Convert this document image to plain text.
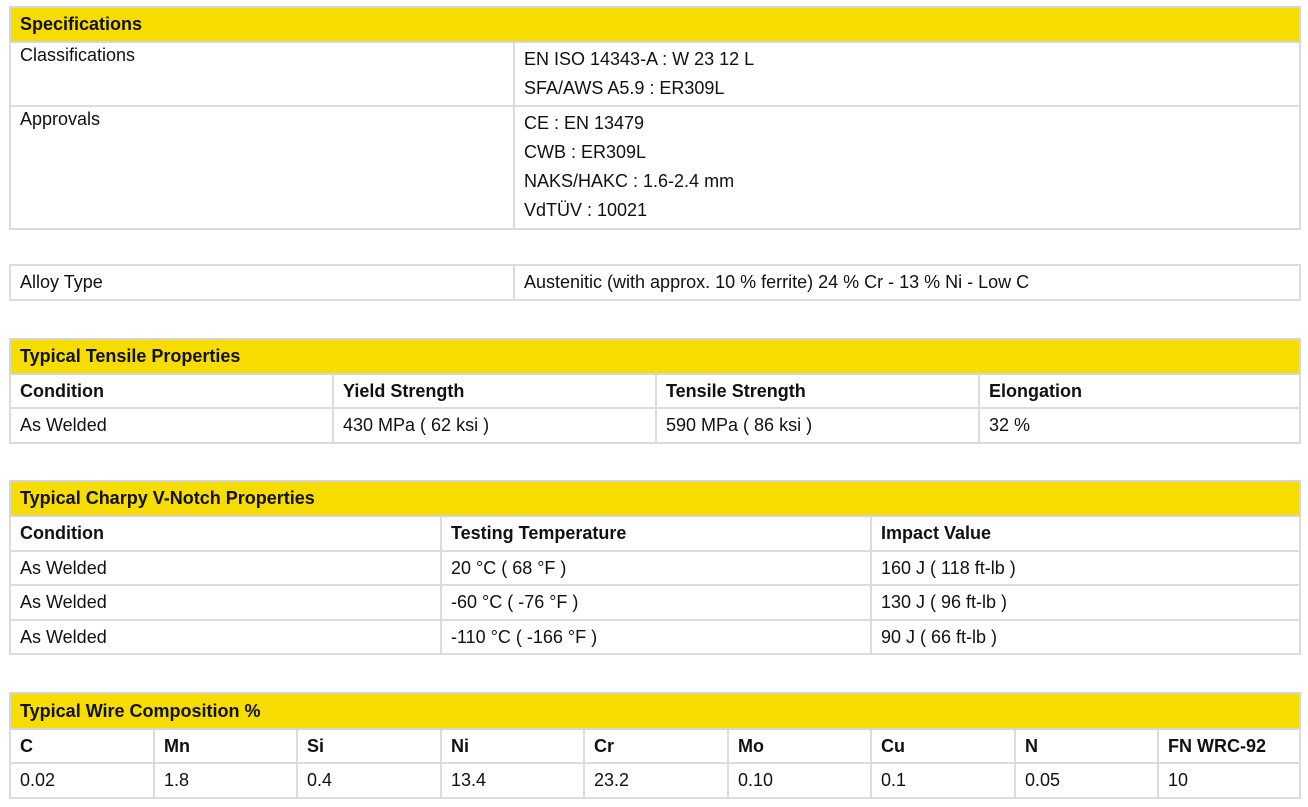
Specifications	
Classifications	EN ISO 14343-A : W 23 12 L
SFA/AWS A5.9 : ER309L

Approvals	CE : EN 13479
CWB : ER309L
NAKS/HAKC : 1.6-2.4 mm
VdTÜV : 10021
Alloy Type	Austenitic (with approx. 10 % ferrite) 24 % Cr - 13 % Ni - Low C
Typical Tensile Properties			
Condition	Yield Strength	Tensile Strength	Elongation
As Welded	430 MPa ( 62 ksi )	590 MPa ( 86 ksi )	32 %
Typical Charpy V-Notch Properties		
Condition	Testing Temperature	Impact Value
As Welded	20 °C ( 68 °F )	160 J ( 118 ft-lb )
As Welded	-60 °C ( -76 °F )	130 J ( 96 ft-lb )
As Welded	-110 °C ( -166 °F )	90 J ( 66 ft-lb )
Typical Wire Composition %								
C	Mn	Si	Ni	Cr	Mo	Cu	N	FN WRC-92
0.02	1.8	0.4	13.4	23.2	0.10	0.1	0.05	10
